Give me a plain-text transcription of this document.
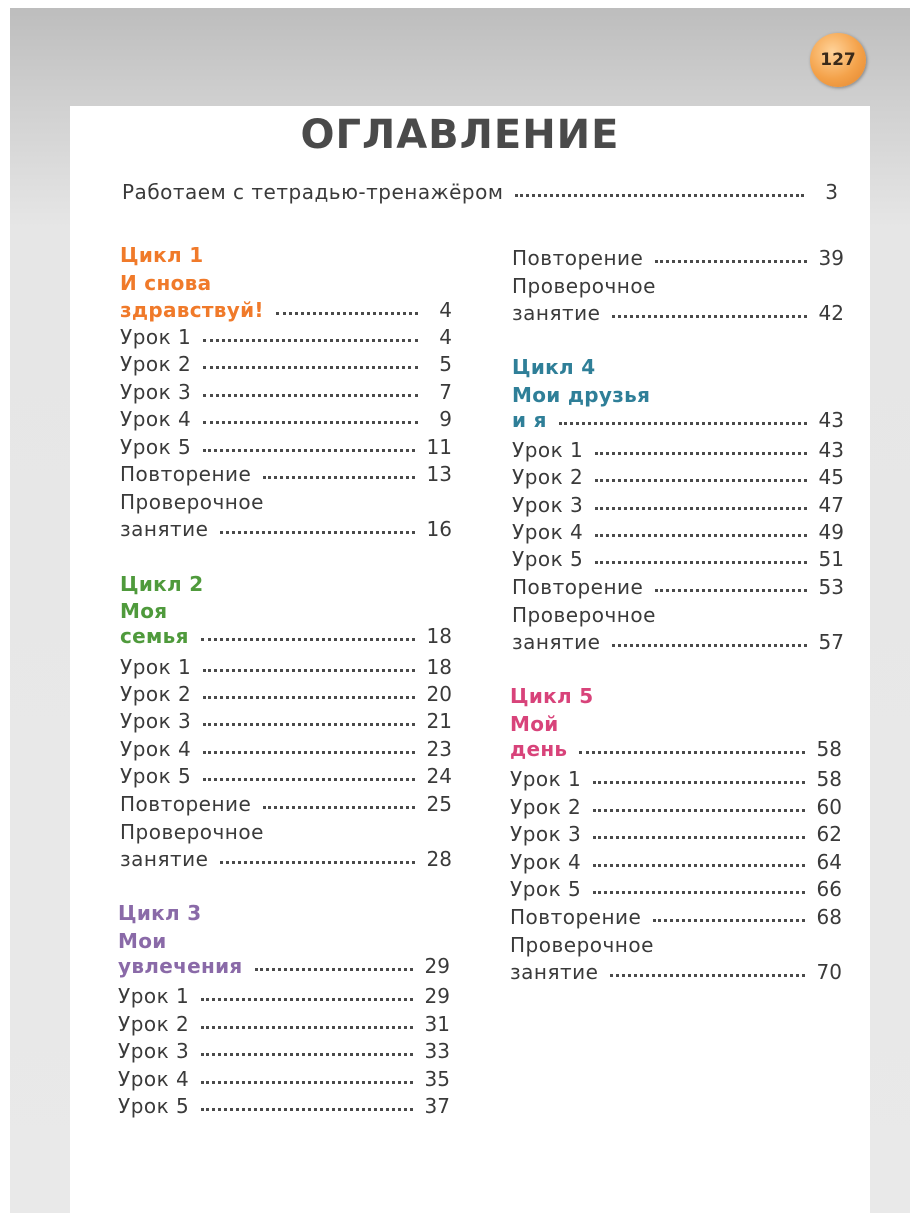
127
ОГЛАВЛЕНИЕ
Работаем с тетрадью-тренажёром	3
Цикл 1
И снова
здравствуй!	4
Урок 1	4
Урок 2	5
Урок 3	7
Урок 4	9
Урок 5	11
Повторение	13
Проверочное
занятие	16
Цикл 2
Моя
семья	18
Урок 1	18
Урок 2	20
Урок 3	21
Урок 4	23
Урок 5	24
Повторение	25
Проверочное
занятие	28
Цикл 3
Мои
увлечения	29
Урок 1	29
Урок 2	31
Урок 3	33
Урок 4	35
Урок 5	37
Повторение	39
Проверочное
занятие	42
Цикл 4
Мои друзья
и я	43
Урок 1	43
Урок 2	45
Урок 3	47
Урок 4	49
Урок 5	51
Повторение	53
Проверочное
занятие	57
Цикл 5
Мой
день	58
Урок 1	58
Урок 2	60
Урок 3	62
Урок 4	64
Урок 5	66
Повторение	68
Проверочное
занятие	70
